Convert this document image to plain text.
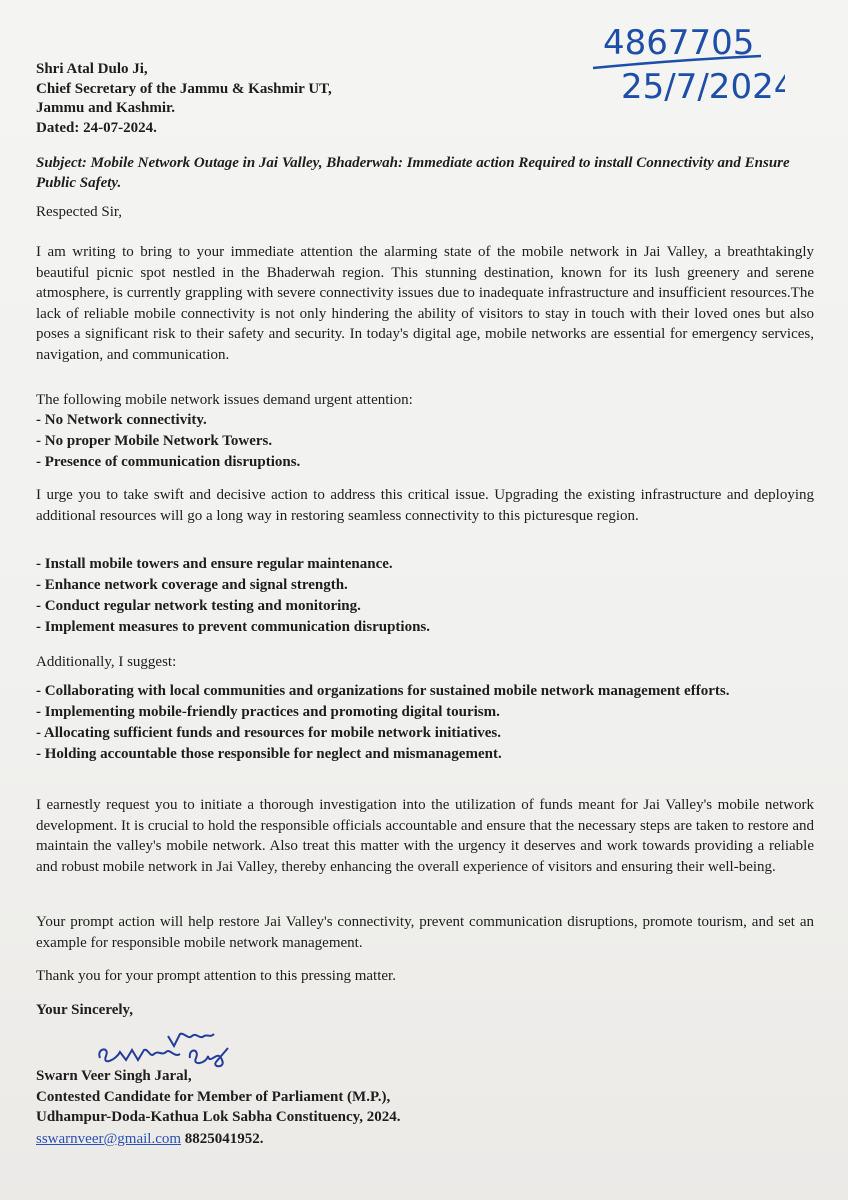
4867705
25/7/2024
Shri Atal Dulo Ji,
Chief Secretary of the Jammu & Kashmir UT,
Jammu and Kashmir.
Dated: 24-07-2024.
Subject: Mobile Network Outage in Jai Valley, Bhaderwah: Immediate action Required to install Connectivity and Ensure Public Safety.
Respected Sir,
I am writing to bring to your immediate attention the alarming state of the mobile network in Jai Valley, a breathtakingly beautiful picnic spot nestled in the Bhaderwah region. This stunning destination, known for its lush greenery and serene atmosphere, is currently grappling with severe connectivity issues due to inadequate infrastructure and insufficient resources.The lack of reliable mobile connectivity is not only hindering the ability of visitors to stay in touch with their loved ones but also poses a significant risk to their safety and security. In today's digital age, mobile networks are essential for emergency services, navigation, and communication.
The following mobile network issues demand urgent attention:
- No Network connectivity.
- No proper Mobile Network Towers.
- Presence of communication disruptions.
I urge you to take swift and decisive action to address this critical issue. Upgrading the existing infrastructure and deploying additional resources will go a long way in restoring seamless connectivity to this picturesque region.
- Install mobile towers and ensure regular maintenance.
- Enhance network coverage and signal strength.
- Conduct regular network testing and monitoring.
- Implement measures to prevent communication disruptions.
Additionally, I suggest:
- Collaborating with local communities and organizations for sustained mobile network management efforts.
- Implementing mobile-friendly practices and promoting digital tourism.
- Allocating sufficient funds and resources for mobile network initiatives.
- Holding accountable those responsible for neglect and mismanagement.
I earnestly request you to initiate a thorough investigation into the utilization of funds meant for Jai Valley's mobile network development. It is crucial to hold the responsible officials accountable and ensure that the necessary steps are taken to restore and maintain the valley's mobile network. Also treat this matter with the urgency it deserves and work towards providing a reliable and robust mobile network in Jai Valley, thereby enhancing the overall experience of visitors and ensuring their well-being.
Your prompt action will help restore Jai Valley's connectivity, prevent communication disruptions, promote tourism, and set an example for responsible mobile network management.
Thank you for your prompt attention to this pressing matter.
Your Sincerely,
Swarn Veer Singh Jaral,
Contested Candidate for Member of Parliament (M.P.),
Udhampur-Doda-Kathua Lok Sabha Constituency, 2024.
sswarnveer@gmail.com 8825041952.
